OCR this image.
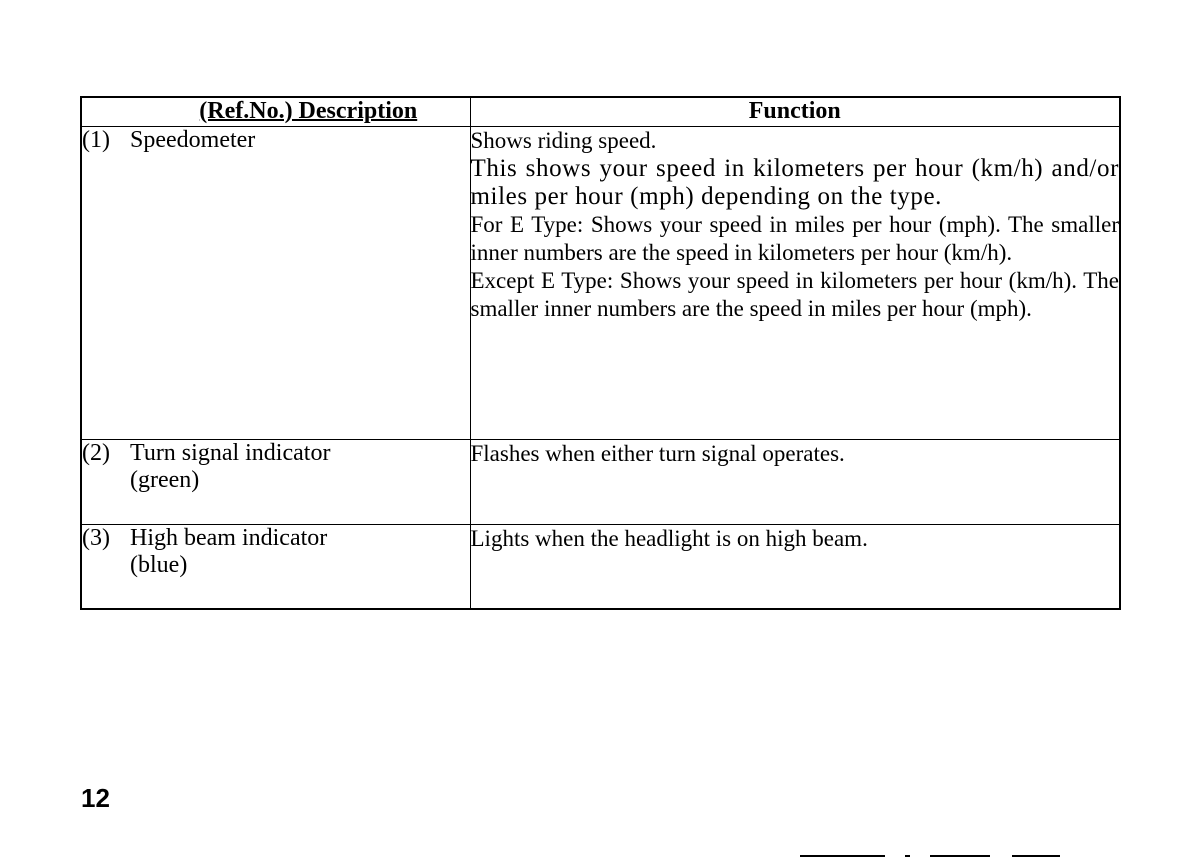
(Ref.No.) Description	Function

(1) Speedometer	Shows riding speed.
This shows your speed in kilometers per hour (km/h) and/or miles per hour (mph) depending on the type.
For E Type: Shows your speed in miles per hour (mph). The smaller inner numbers are the speed in kilometers per hour (km/h).
Except E Type: Shows your speed in kilometers per hour (km/h). The smaller inner numbers are the speed in miles per hour (mph).

(2) Turn signal indicator
(green)	Flashes when either turn signal operates.

(3) High beam indicator
(blue)	Lights when the headlight is on high beam.
12
